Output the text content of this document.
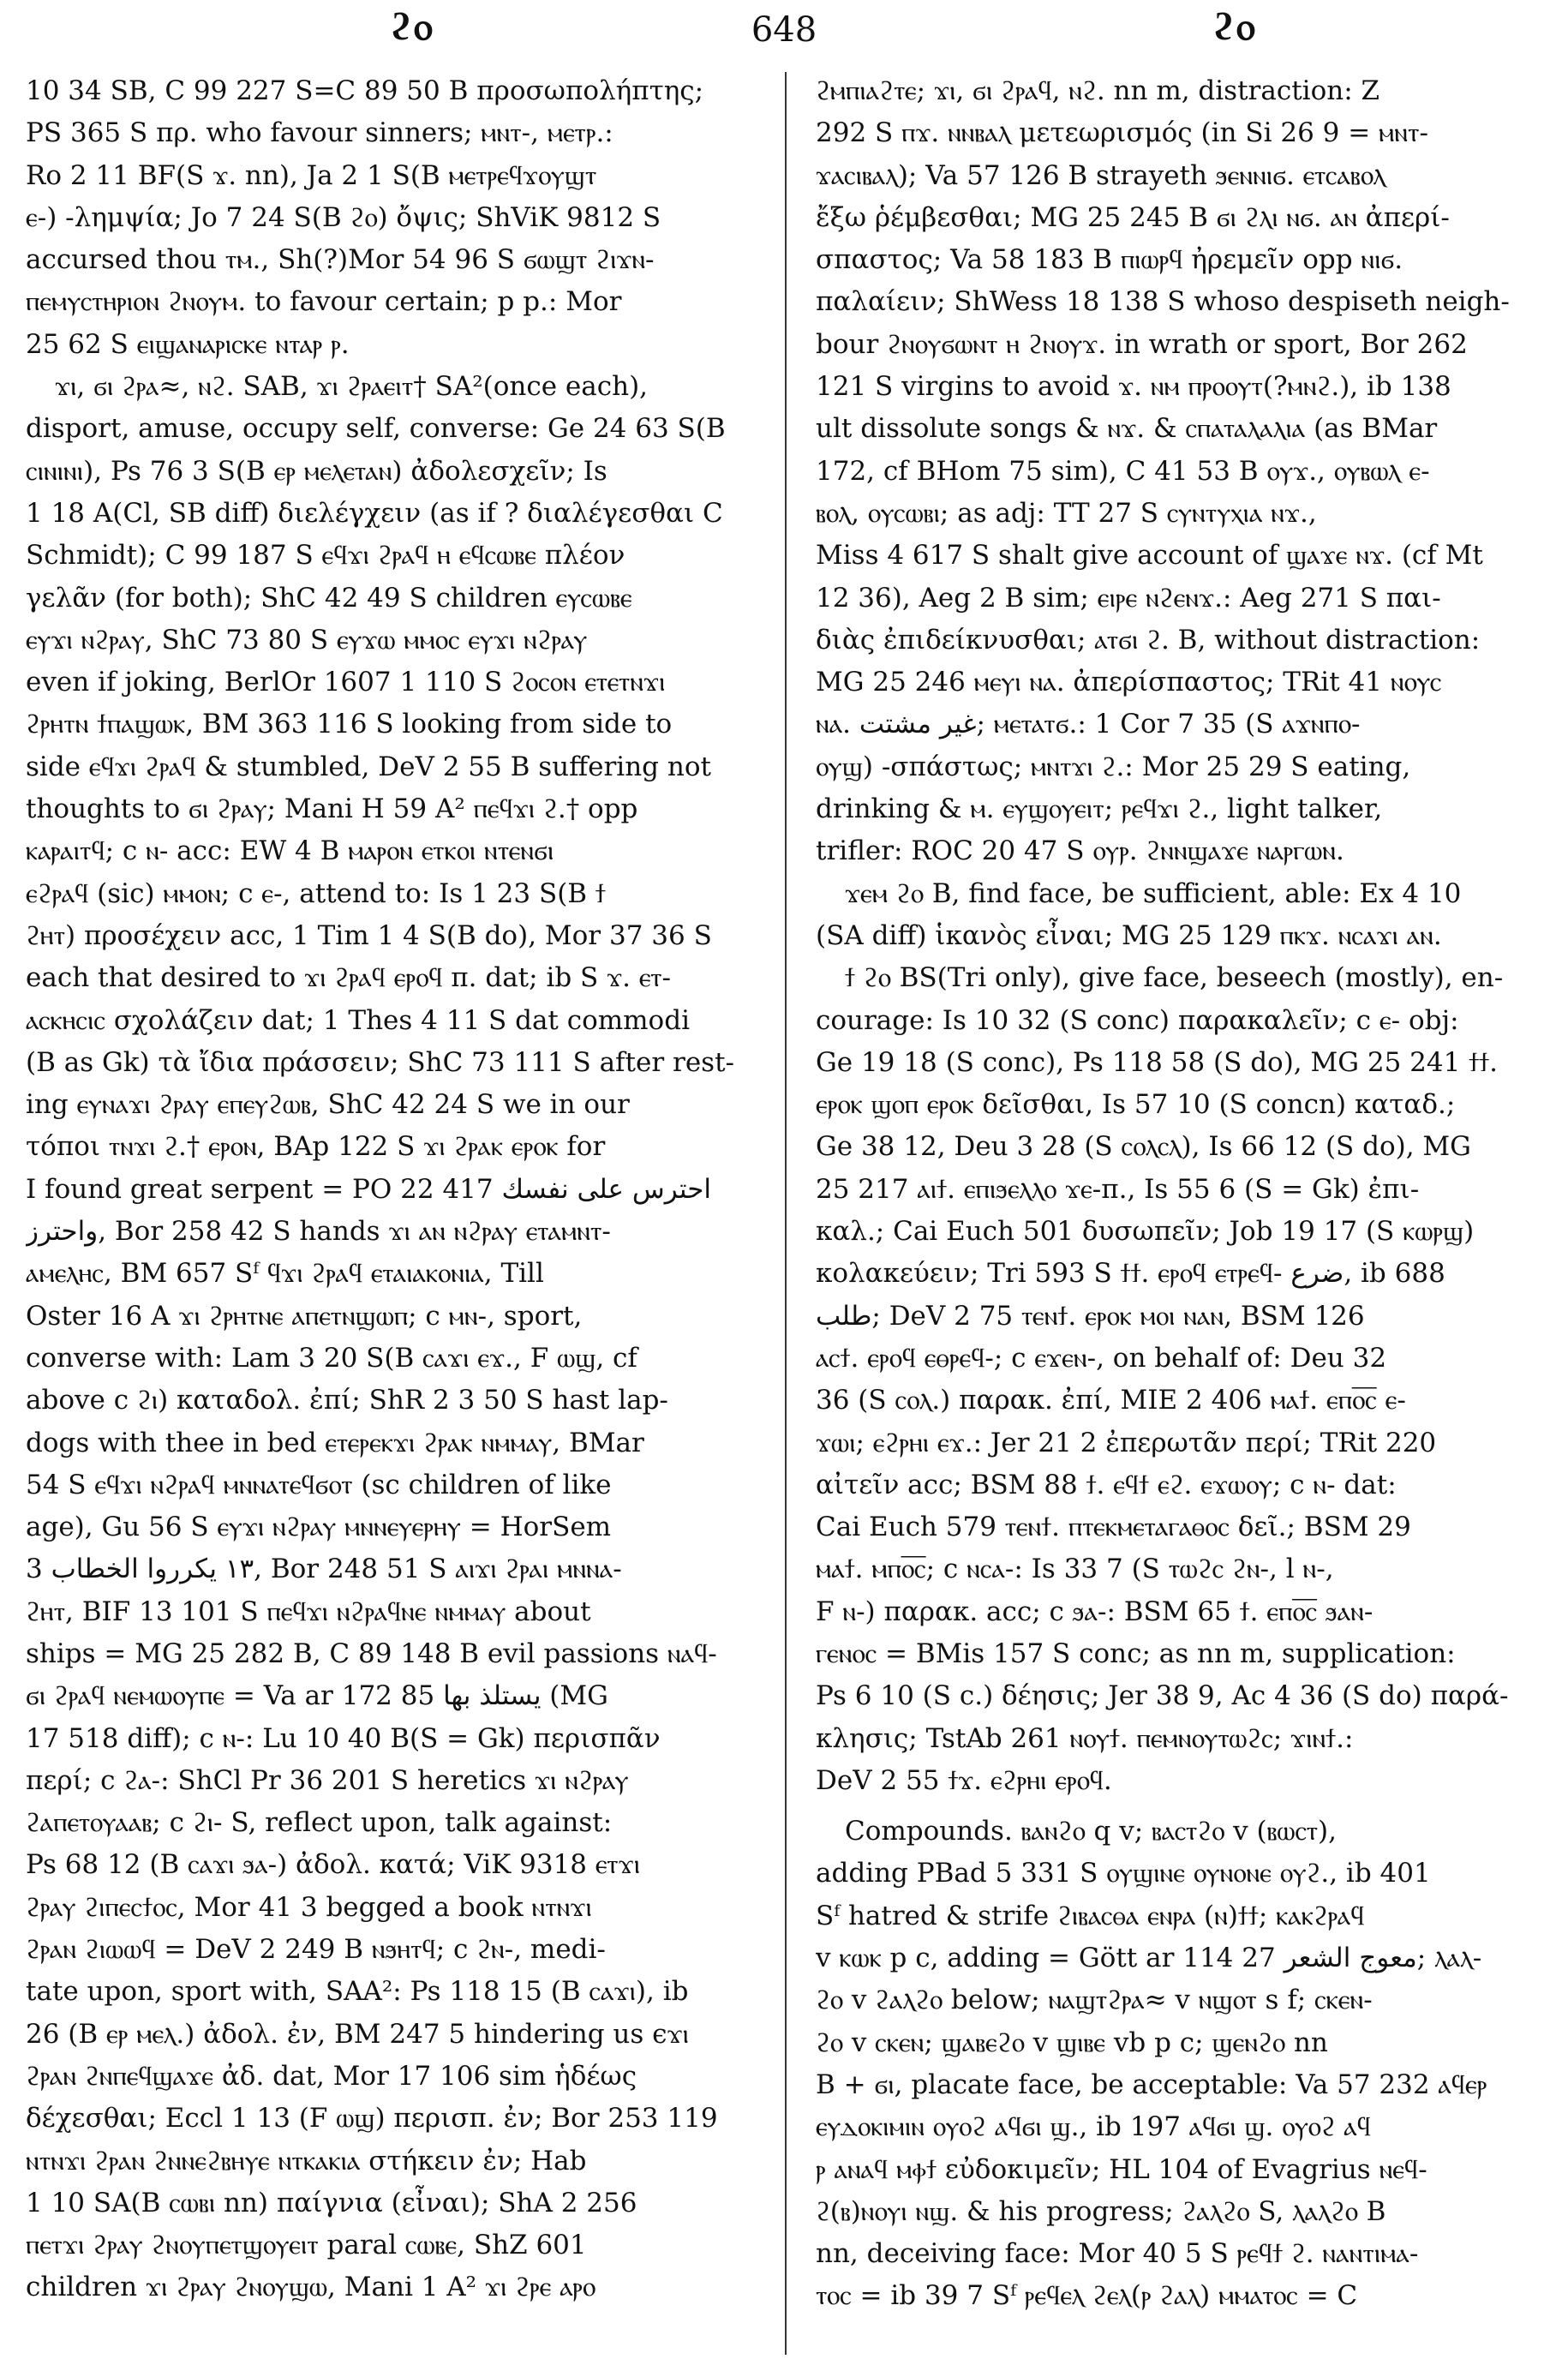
ϩⲟ	648	ϩⲟ

10 34 SB, C 99 227 S=C 89 50 B προσωπολήπτης;

PS 365 S πρ. who favour sinners; ⲙⲛⲧ-, ⲙⲉⲧⲣ.:

Ro 2 11 BF(S ϫ. nn), Ja 2 1 S(B ⲙⲉⲧⲣⲉϥϫⲟⲩϣⲧ

ⲉ-) -λημψία; Jo 7 24 S(B ϩⲟ) ὄψις; ShViK 9812 S

accursed thou ⲧⲙ., Sh(?)Mor 54 96 S ϭⲱϣⲧ ϩⲓϫⲛ-

ⲡⲉⲙⲩⲥⲧⲏⲣⲓⲟⲛ ϩⲛⲟⲩⲙ. to favour certain; p p.: Mor

25 62 S ⲉⲓϣⲁⲛⲁⲣⲓⲥⲕⲉ ⲛⲧⲁⲣ ⲣ.

ϫⲓ, ϭⲓ ϩⲣⲁ≈, ⲛϩ. SAB, ϫⲓ ϩⲣⲁⲉⲓⲧ† SA²(once each),

disport, amuse, occupy self, converse: Ge 24 63 S(B

ⲥⲓⲛⲓⲛⲓ), Ps 76 3 S(B ⲉⲣ ⲙⲉⲗⲉⲧⲁⲛ) ἀδολεσχεῖν; Is

1 18 A(Cl, SB diff) διελέγχειν (as if ? διαλέγεσθαι C

Schmidt); C 99 187 S ⲉϥϫⲓ ϩⲣⲁϥ ⲏ ⲉϥⲥⲱⲃⲉ πλέον

γελᾶν (for both); ShC 42 49 S children ⲉⲩⲥⲱⲃⲉ

ⲉⲩϫⲓ ⲛϩⲣⲁⲩ, ShC 73 80 S ⲉⲩϫⲱ ⲙⲙⲟⲥ ⲉⲩϫⲓ ⲛϩⲣⲁⲩ

even if joking, BerlOr 1607 1 110 S ϩⲟⲥⲟⲛ ⲉⲧⲉⲧⲛϫⲓ

ϩⲣⲏⲧⲛ ϯⲡⲁϣⲱⲕ, BM 363 116 S looking from side to

side ⲉϥϫⲓ ϩⲣⲁϥ & stumbled, DeV 2 55 B suffering not

thoughts to ϭⲓ ϩⲣⲁⲩ; Mani H 59 A² ⲡⲉϥϫⲓ ϩ.† opp

ⲕⲁⲣⲁⲓⲧϥ; c ⲛ- acc: EW 4 B ⲙⲁⲣⲟⲛ ⲉⲧⲕⲟⲓ ⲛⲧⲉⲛϭⲓ

ⲉϩⲣⲁϥ (sic) ⲙⲙⲟⲛ; c ⲉ-, attend to: Is 1 23 S(B ϯ

ϩⲏⲧ) προσέχειν acc, 1 Tim 1 4 S(B do), Mor 37 36 S

each that desired to ϫⲓ ϩⲣⲁϥ ⲉⲣⲟϥ π. dat; ib S ϫ. ⲉⲧ-

ⲁⲥⲕⲏⲥⲓⲥ σχολάζειν dat; 1 Thes 4 11 S dat commodi

(B as Gk) τὰ ἴδια πράσσειν; ShC 73 111 S after rest-

ing ⲉⲩⲛⲁϫⲓ ϩⲣⲁⲩ ⲉⲡⲉⲩϩⲱⲃ, ShC 42 24 S we in our

τόποι ⲧⲛϫⲓ ϩ.† ⲉⲣⲟⲛ, BAp 122 S ϫⲓ ϩⲣⲁⲕ ⲉⲣⲟⲕ for

I found great serpent = PO 22 417 احترس على نفسك

واحترز, Bor 258 42 S hands ϫⲓ ⲁⲛ ⲛϩⲣⲁⲩ ⲉⲧⲁⲙⲛⲧ-

ⲁⲙⲉⲗⲏⲥ, BM 657 Sᶠ ϥϫⲓ ϩⲣⲁϥ ⲉⲧⲁⲓⲁⲕⲟⲛⲓⲁ, Till

Oster 16 A ϫⲓ ϩⲣⲏⲧⲛⲉ ⲁⲡⲉⲧⲛϣⲱⲡ; c ⲙⲛ-, sport,

converse with: Lam 3 20 S(B ⲥⲁϫⲓ ⲉϫ., F ⲱϣ, cf

above c ϩⲓ) καταδολ. ἐπί; ShR 2 3 50 S hast lap-

dogs with thee in bed ⲉⲧⲉⲣⲉⲕϫⲓ ϩⲣⲁⲕ ⲛⲙⲙⲁⲩ, BMar

54 S ⲉϥϫⲓ ⲛϩⲣⲁϥ ⲙⲛⲛⲁⲧⲉϥϭⲟⲧ (sc children of like

age), Gu 56 S ⲉⲩϫⲓ ⲛϩⲣⲁⲩ ⲙⲛⲛⲉⲩⲉⲣⲏⲩ = HorSem

3 ١٣ يكرروا الخطاب, Bor 248 51 S ⲁⲓϫⲓ ϩⲣⲁⲓ ⲙⲛⲛⲁ-

ϩⲏⲧ, BIF 13 101 S ⲡⲉϥϫⲓ ⲛϩⲣⲁϥⲛⲉ ⲛⲙⲙⲁⲩ about

ships = MG 25 282 B, C 89 148 B evil passions ⲛⲁϥ-

ϭⲓ ϩⲣⲁϥ ⲛⲉⲙⲱⲟⲩⲡⲉ = Va ar 172 85 يستلذ بها (MG

17 518 diff); c ⲛ-: Lu 10 40 B(S = Gk) περισπᾶν

περί; c ϩⲁ-: ShCl Pr 36 201 S heretics ϫⲓ ⲛϩⲣⲁⲩ

ϩⲁⲡⲉⲧⲟⲩⲁⲁⲃ; c ϩⲓ- S, reflect upon, talk against:

Ps 68 12 (B ⲥⲁϫⲓ ϧⲁ-) ἀδολ. κατά; ViK 9318 ⲉⲧϫⲓ

ϩⲣⲁⲩ ϩⲓⲡⲉⲥϯⲟⲥ, Mor 41 3 begged a book ⲛⲧⲛϫⲓ

ϩⲣⲁⲛ ϩⲓⲱⲱϥ = DeV 2 249 B ⲛϧⲏⲧϥ; c ϩⲛ-, medi-

tate upon, sport with, SAA²: Ps 118 15 (B ⲥⲁϫⲓ), ib

26 (B ⲉⲣ ⲙⲉⲗ.) ἀδολ. ἐν, BM 247 5 hindering us ϵϫⲓ

ϩⲣⲁⲛ ϩⲛⲡⲉϥϣⲁϫⲉ ἀδ. dat, Mor 17 106 sim ἡδέως

δέχεσθαι; Eccl 1 13 (F ⲱϣ) περισπ. ἐν; Bor 253 119

ⲛⲧⲛϫⲓ ϩⲣⲁⲛ ϩⲛⲛⲉϩⲃⲏⲩⲉ ⲛⲧⲕⲁⲕⲓⲁ στήκειν ἐν; Hab

1 10 SA(B ⲥⲱⲃⲓ nn) παίγνια (εἶναι); ShA 2 256

ⲡⲉⲧϫⲓ ϩⲣⲁⲩ ϩⲛⲟⲩⲡⲉⲧϣⲟⲩⲉⲓⲧ paral ⲥⲱⲃⲉ, ShZ 601

children ϫⲓ ϩⲣⲁⲩ ϩⲛⲟⲩϣⲱ, Mani 1 A² ϫⲓ ϩⲣⲉ ⲁⲣⲟ

ϩⲙⲡⲓⲁϩⲧⲉ; ϫⲓ, ϭⲓ ϩⲣⲁϥ, ⲛϩ. nn m, distraction: Z

292 S ⲡϫ. ⲛⲛⲃⲁⲗ μετεωρισμός (in Si 26 9 = ⲙⲛⲧ-

ϫⲁⲥⲓⲃⲁⲗ); Va 57 126 B strayeth ϧⲉⲛⲛⲓϭ. ⲉⲧⲥⲁⲃⲟⲗ

ἔξω ῥέμβεσθαι; MG 25 245 B ϭⲓ ϩⲗⲓ ⲛϭ. ⲁⲛ ἀπερί-

σπαστος; Va 58 183 B ⲡⲓⲱⲣϥ ἠρεμεῖν opp ⲛⲓϭ.

παλαίειν; ShWess 18 138 S whoso despiseth neigh-

bour ϩⲛⲟⲩϭⲱⲛⲧ ⲏ ϩⲛⲟⲩϫ. in wrath or sport, Bor 262

121 S virgins to avoid ϫ. ⲛⲙ ⲡⲣⲟⲟⲩⲧ(?ⲙⲛϩ.), ib 138

ult dissolute songs & ⲛϫ. & ⲥⲡⲁⲧⲁⲗⲁⲗⲓⲁ (as BMar

172, cf BHom 75 sim), C 41 53 B ⲟⲩϫ., ⲟⲩⲃⲱⲗ ⲉ-

ⲃⲟⲗ, ⲟⲩⲥⲱⲃⲓ; as adj: TT 27 S ⲥⲩⲛⲧⲩⲭⲓⲁ ⲛϫ.,

Miss 4 617 S shalt give account of ϣⲁϫⲉ ⲛϫ. (cf Mt

12 36), Aeg 2 B sim; ⲉⲓⲣⲉ ⲛϩⲉⲛϫ.: Aeg 271 S παι-

διὰς ἐπιδείκνυσθαι; ⲁⲧϭⲓ ϩ. B, without distraction:

MG 25 246 ⲙⲉⲩⲓ ⲛⲁ. ἀπερίσπαστος; TRit 41 ⲛⲟⲩⲥ

ⲛⲁ. غير مشتت; ⲙⲉⲧⲁⲧϭ.: 1 Cor 7 35 (S ⲁϫⲛⲡⲟ-

ⲟⲩϣ) -σπάστως; ⲙⲛⲧϫⲓ ϩ.: Mor 25 29 S eating,

drinking & ⲙ. ⲉⲩϣⲟⲩⲉⲓⲧ; ⲣⲉϥϫⲓ ϩ., light talker,

trifler: ROC 20 47 S ⲟⲩⲣ. ϩⲛⲛϣⲁϫⲉ ⲛⲁⲣⲅⲱⲛ.

ϫⲉⲙ ϩⲟ B, find face, be sufficient, able: Ex 4 10

(SA diff) ἱκανὸς εἶναι; MG 25 129 ⲡⲕϫ. ⲛⲥⲁϫⲓ ⲁⲛ.

ϯ ϩⲟ BS(Tri only), give face, beseech (mostly), en-

courage: Is 10 32 (S conc) παρακαλεῖν; c ⲉ- obj:

Ge 19 18 (S conc), Ps 118 58 (S do), MG 25 241 ϯϯ.

ⲉⲣⲟⲕ ϣⲟⲡ ⲉⲣⲟⲕ δεῖσθαι, Is 57 10 (S concn) καταδ.;

Ge 38 12, Deu 3 28 (S ⲥⲟⲗⲥⲗ), Is 66 12 (S do), MG

25 217 ⲁⲓϯ. ⲉⲡⲓϧⲉⲗⲗⲟ ϫⲉ-π., Is 55 6 (S = Gk) ἐπι-

καλ.; Cai Euch 501 δυσωπεῖν; Job 19 17 (S ⲕⲱⲣϣ)

κολακεύειν; Tri 593 S ϯϯ. ⲉⲣⲟϥ ⲉⲧⲣⲉϥ- ضرع, ib 688

طلب; DeV 2 75 ⲧⲉⲛϯ. ⲉⲣⲟⲕ ⲙⲟⲓ ⲛⲁⲛ, BSM 126

ⲁⲥϯ. ⲉⲣⲟϥ ⲉⲑⲣⲉϥ-; c ⲉϫⲉⲛ-, on behalf of: Deu 32

36 (S ⲥⲟⲗ.) παρακ. ἐπί, MIE 2 406 ⲙⲁϯ. ⲉⲡⲟ̅ⲥ̅ ⲉ-

ϫⲱⲓ; ⲉϩⲣⲏⲓ ⲉϫ.: Jer 21 2 ἐπερωτᾶν περί; TRit 220

αἰτεῖν acc; BSM 88 ϯ. ⲉϥϯ ⲉϩ. ⲉϫⲱⲟⲩ; c ⲛ- dat:

Cai Euch 579 ⲧⲉⲛϯ. ⲡⲧⲉⲕⲙⲉⲧⲁⲅⲁⲑⲟⲥ δεῖ.; BSM 29

ⲙⲁϯ. ⲙⲡⲟ̅ⲥ̅; c ⲛⲥⲁ-: Is 33 7 (S ⲧⲱϩⲥ ϩⲛ-, l ⲛ-,

F ⲛ-) παρακ. acc; c ϧⲁ-: BSM 65 ϯ. ⲉⲡⲟ̅ⲥ̅ ϧⲁⲛ-

ⲅⲉⲛⲟⲥ = BMis 157 S conc; as nn m, supplication:

Ps 6 10 (S c.) δέησις; Jer 38 9, Ac 4 36 (S do) παρά-

κλησις; TstAb 261 ⲛⲟⲩϯ. ⲡⲉⲙⲛⲟⲩⲧⲱϩⲥ; ϫⲓⲛϯ.:

DeV 2 55 ϯϫ. ⲉϩⲣⲏⲓ ⲉⲣⲟϥ.

Compounds. ⲃⲁⲛϩⲟ q v; ⲃⲁⲥⲧϩⲟ v (ⲃⲱⲥⲧ),

adding PBad 5 331 S ⲟⲩϣⲓⲛⲉ ⲟⲩⲛⲟⲛⲉ ⲟⲩϩ., ib 401

Sᶠ hatred & strife ϩⲓⲃⲁⲥⲑⲁ ⲉⲛⲣⲁ (ⲛ)ϯϯ; ⲕⲁⲕϩⲣⲁϥ

v ⲕⲱⲕ p c, adding = Gött ar 114 27 معوج الشعر; ⲗⲁⲗ-

ϩⲟ v ϩⲁⲗϩⲟ below; ⲛⲁϣⲧϩⲣⲁ≈ v ⲛϣⲟⲧ s f; ⲥⲕⲉⲛ-

ϩⲟ v ⲥⲕⲉⲛ; ϣⲁⲃⲉϩⲟ v ϣⲓⲃⲉ vb p c; ϣⲉⲛϩⲟ nn

B + ϭⲓ, placate face, be acceptable: Va 57 232 ⲁϥⲉⲣ

ⲉⲩⲇⲟⲕⲓⲙⲓⲛ ⲟⲩⲟϩ ⲁϥϭⲓ ϣ., ib 197 ⲁϥϭⲓ ϣ. ⲟⲩⲟϩ ⲁϥ

ⲣ ⲁⲛⲁϥ ⲙⲫϯ εὐδοκιμεῖν; HL 104 of Evagrius ⲛⲉϥ-

ϩ(ⲃ)ⲛⲟⲩⲓ ⲛϣ. & his progress; ϩⲁⲗϩⲟ S, ⲗⲁⲗϩⲟ B

nn, deceiving face: Mor 40 5 S ⲣⲉϥϯ ϩ. ⲛⲁⲛⲧⲓⲙⲁ-

ⲧⲟⲥ = ib 39 7 Sᶠ ⲣⲉϥⲉⲗ ϩⲉⲗ(ⲣ ϩⲁⲗ) ⲙⲙⲁⲧⲟⲥ = C
